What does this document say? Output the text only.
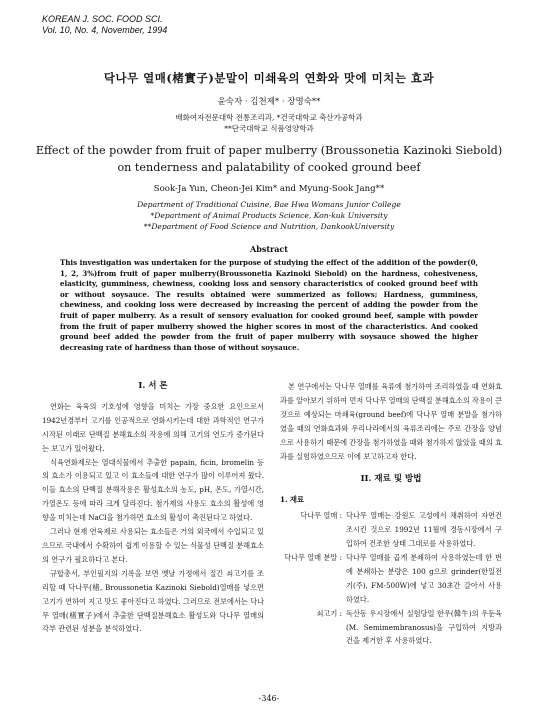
KOREAN J. SOC. FOOD SCI.
Vol. 10, No. 4, November, 1994
닥나무 열매(楮實子)분말이 미쇄육의 연화와 맛에 미치는 효과
윤숙자 · 김천제* · 장명숙**
배화여자전문대학 전통조리과, *건국대학교 축산가공학과
**단국대학교 식품영양학과
Effect of the powder from fruit of paper mulberry (Broussonetia Kazinoki Siebold) on tenderness and palatability of cooked ground beef
Sook-Ja Yun, Cheon-Jei Kim* and Myung-Sook Jang**
Department of Traditional Cuisine, Bae Hwa Womans Junior College
*Department of Animal Products Science, Kon-kuk University
**Department of Food Science and Nutrition, DankookUniversity
Abstract
This investigation was undertaken for the purpose of studying the effect of the addition of the powder(0, 1, 2, 3%)from fruit of paper mulberry(Broussonetia Kazinoki Siebold) on the hardness, cohesiveness, elasticity, gumminess, chewiness, cooking loss and sensory characteristics of cooked ground beef with or without soysauce. The results obtained were summerized as follows; Hardness, gumminess, chewiness, and cooking loss were decreased by increasing the percent of adding the powder from the fruit of paper mulberry. As a result of sensory evaluation for cooked ground beef, sample with powder from the fruit of paper mulberry showed the higher scores in most of the characteristics. And cooked ground beef added the powder from the fruit of paper mulberry with soysauce showed the higher decreasing rate of hardness than those of without soysauce.
I. 서 론

연화는 육육의 기호성에 영향을 미치는 가장 중요한 요인으로서 1942년경부터 고기를 인공적으로 연화시키는데 대한 과학적인 연구가 시작된 이래로 단백질 분해효소의 작용에 의해 고기의 연도가 증가된다는 보고가 있어왔다.

식육연화제로는 열대식물에서 추출한 papain, ficin, bromelin 등의 효소가 이용되고 있고 이 효소들에 대한 연구가 많이 이루어져 왔다. 이들 효소의 단백질 분해작용은 활성효소의 농도, pH, 온도, 가열시간, 가열온도 등에 따라 크게 달라진다. 첨가제의 사용도 효소의 활성에 영향을 미치는데 NaCl을 첨가하면 효소의 활성이 촉진된다고 하였다.

그러나 현재 연육제로 사용되는 효소들은 거의 외국에서 수입되고 있으므로 국내에서 수확하여 쉽게 이용할 수 있는 식물성 단백질 분해효소의 연구가 필요하다고 본다.

규합총서, 부인필지의 기록을 보면 옛날 가정에서 질긴 쇠고기를 조리할 때 닥나무(楮, Broussonetia Kazinoki Siebold)열매를 넣으면 고기가 연하여 지고 맛도 좋아진다고 하였다. 그러므로 전보에서는 닥나무 열매(楮實子)에서 추출한 단백질분해효소 활성도와 닥나무 열매의 각부 관련된 성분을 분석하였다.

본 연구에서는 닥나무 열매를 육류에 첨가하여 조리하였을 때 연화효과를 알아보기 위하여 먼저 닥나무 열매의 단백질 분해효소의 작용이 큰 것으로 예상되는 마쇄육(ground beef)에 닥나무 열매 분말을 첨가하였을 때의 연화효과와 우리나라에서의 육류조리에는 주로 간장을 양념으로 사용하기 때문에 간장을 첨가하였을 때와 첨가하지 않았을 때의 효과를 실험하였으므로 이에 보고하고자 한다.

II. 재료 및 방법
1. 재료
닥나무 열매 : 닥나무 열매는 강원도 고성에서 채취하여 자연건조시킨 것으로 1992년 11월에 경동시장에서 구입하여 건조한 상태 그대로를 사용하였다.
닥나무 열매 분말 : 닥나무 열매를 곱게 분쇄하여 사용하였는데 한 번에 분쇄하는 분량은 100 g으로 grinder(한일전기(주), FM-500W)에 넣고 30초간 갈아서 사용하였다.
쇠고기 : 독산동 우시장에서 실험당일 한우(韓牛)의 우둔육(M. Semimembranosus)을 구입하여 지방과 건을 제거한 후 사용하였다.
-346-
